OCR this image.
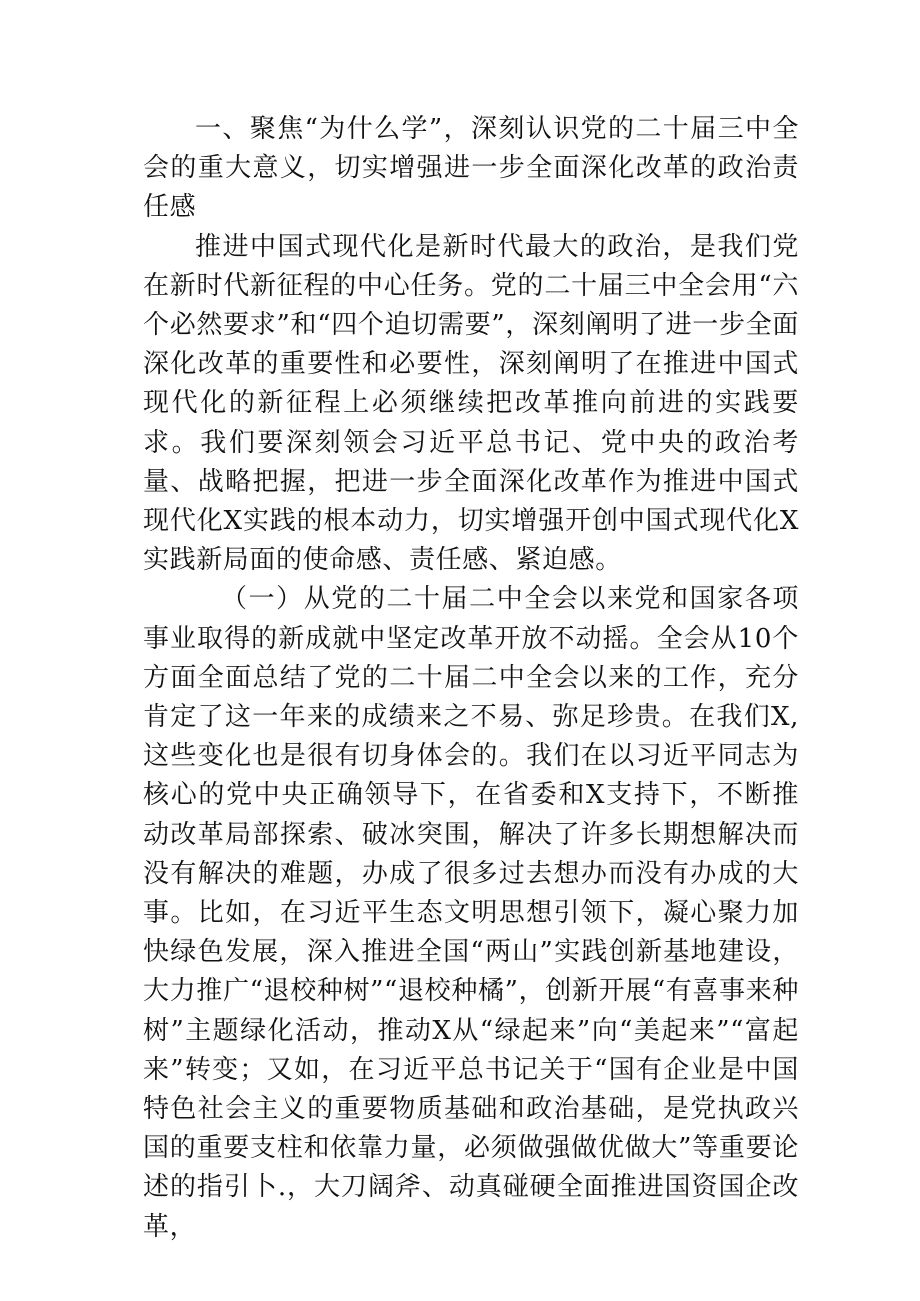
一、聚焦“为什么学”，深刻认识党的二十届三中全会的重大意义，切实增强进一步全面深化改革的政治责任感

推进中国式现代化是新时代最大的政治，是我们党在新时代新征程的中心任务。党的二十届三中全会用“六个必然要求”和“四个迫切需要”，深刻阐明了进一步全面深化改革的重要性和必要性，深刻阐明了在推进中国式现代化的新征程上必须继续把改革推向前进的实践要求。我们要深刻领会习近平总书记、党中央的政治考量、战略把握，把进一步全面深化改革作为推进中国式现代化X实践的根本动力，切实增强开创中国式现代化X实践新局面的使命感、责任感、紧迫感。

（一）从党的二十届二中全会以来党和国家各项事业取得的新成就中坚定改革开放不动摇。全会从10个方面全面总结了党的二十届二中全会以来的工作，充分肯定了这一年来的成绩来之不易、弥足珍贵。在我们X,这些变化也是很有切身体会的。我们在以习近平同志为核心的党中央正确领导下，在省委和X支持下，不断推动改革局部探索、破冰突围，解决了许多长期想解决而没有解决的难题，办成了很多过去想办而没有办成的大事。比如，在习近平生态文明思想引领下，凝心聚力加快绿色发展，深入推进全国“两山”实践创新基地建设，大力推广“退校种树”“退校种橘”，创新开展“有喜事来种树”主题绿化活动，推动X从“绿起来”向“美起来”“富起来”转变；又如，在习近平总书记关于“国有企业是中国特色社会主义的重要物质基础和政治基础，是党执政兴国的重要支柱和依靠力量，必须做强做优做大”等重要论述的指引卜.，大刀阔斧、动真碰硬全面推进国资国企改革，
